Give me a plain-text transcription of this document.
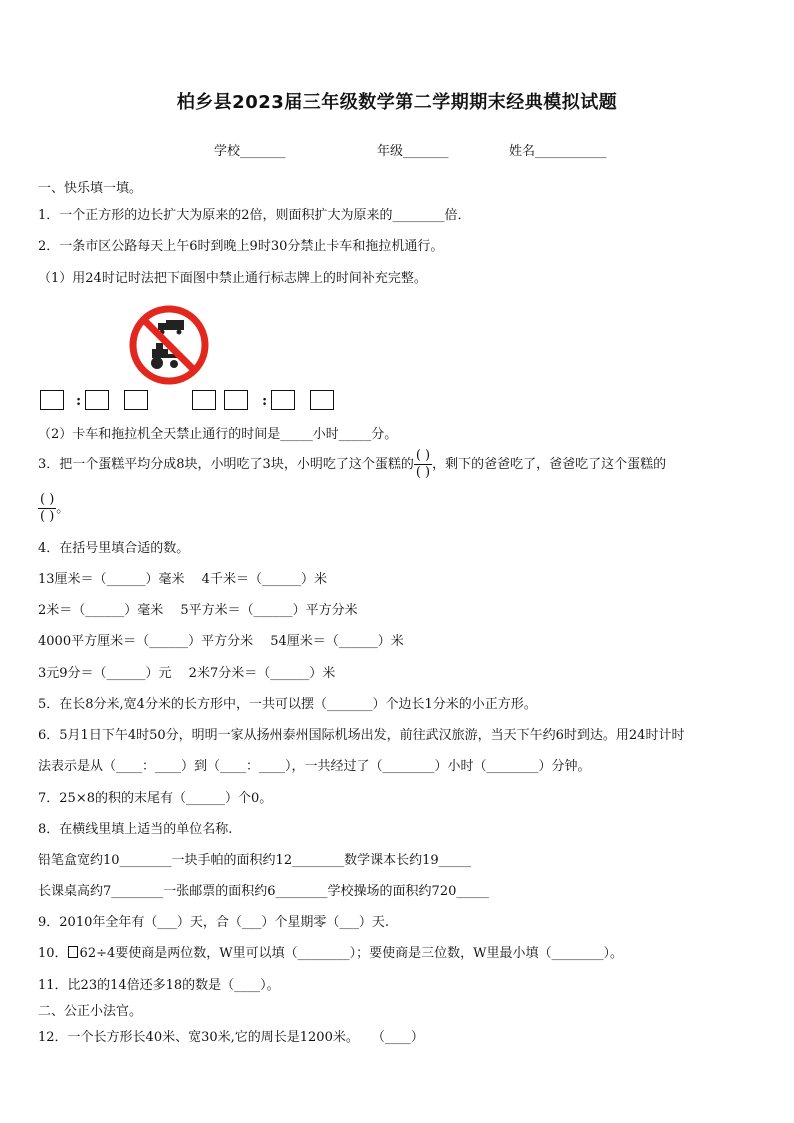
柏乡县2023届三年级数学第二学期期末经典模拟试题
学校_______	年级_______	姓名___________
一、快乐填一填。
1．一个正方形的边长扩大为原来的2倍，则面积扩大为原来的________倍．
2．一条市区公路每天上午6时到晚上9时30分禁止卡车和拖拉机通行。
（1）用24时记时法把下面图中禁止通行标志牌上的时间补充完整。
:	:
（2）卡车和拖拉机全天禁止通行的时间是_____小时_____分。
3．把一个蛋糕平均分成8块，小明吃了3块，小明吃了这个蛋糕的 $\frac{( )}{( )}$ ，剩下的爸爸吃了，爸爸吃了这个蛋糕的
$\frac{( )}{( )}$ 。
4．在括号里填合适的数。
13厘米＝（______）毫米　 4千米＝（______）米
2米＝（______）毫米　 5平方米＝（______）平方分米
4000平方厘米＝（______）平方分米　 54厘米＝（______）米
3元9分＝（______）元　 2米7分米＝（______）米
5．在长8分米,宽4分米的长方形中，一共可以摆（_______）个边长1分米的小正方形。
6．5月1日下午4时50分，明明一家从扬州泰州国际机场出发，前往武汉旅游，当天下午约6时到达。用24时计时
法表示是从（____：____）到（____：____），一共经过了（________）小时（________）分钟。
7．25×8的积的末尾有（______）个0。
8．在横线里填上适当的单位名称.
铅笔盒宽约10________一块手帕的面积约12________数学课本长约19_____
长课桌高约7________一张邮票的面积约6________学校操场的面积约720_____
9．2010年全年有（___）天，合（___）个星期零（___）天.
10． 62÷4要使商是两位数，W里可以填（________）；要使商是三位数，W里最小填（________）。
11．比23的14倍还多18的数是（____）。
二、公正小法官。
12．一个长方形长40米、宽30米,它的周长是1200米。　　（____）
